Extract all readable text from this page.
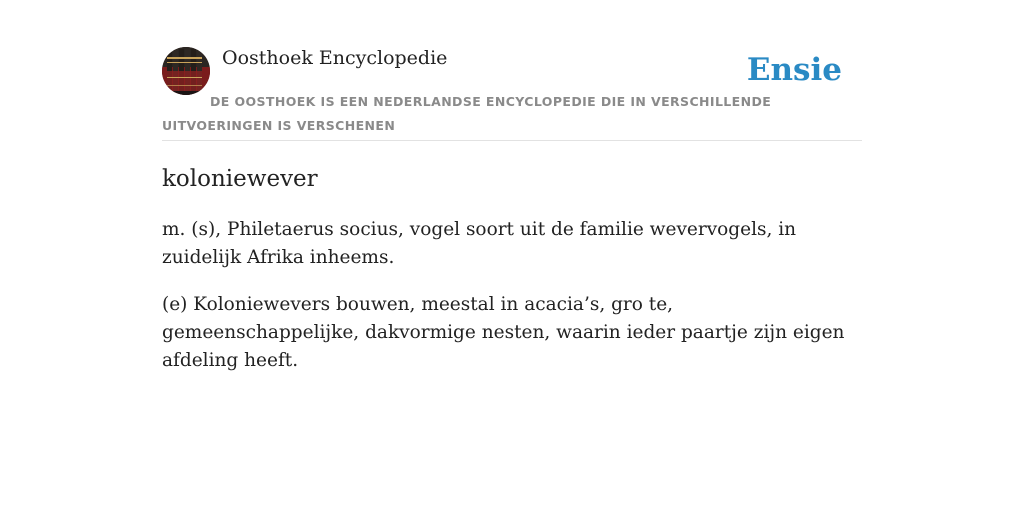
Oosthoek Encyclopedie	Ensie

DE OOSTHOEK IS EEN NEDERLANDSE ENCYCLOPEDIE DIE IN VERSCHILLENDE UITVOERINGEN IS VERSCHENEN

koloniewever

m. (s), Philetaerus socius, vogel soort uit de familie wevervogels, in zuidelijk Afrika inheems.

(e) Koloniewevers bouwen, meestal in acacia’s, gro te, gemeenschappelijke, dakvormige nesten, waarin ieder paartje zijn eigen afdeling heeft.
